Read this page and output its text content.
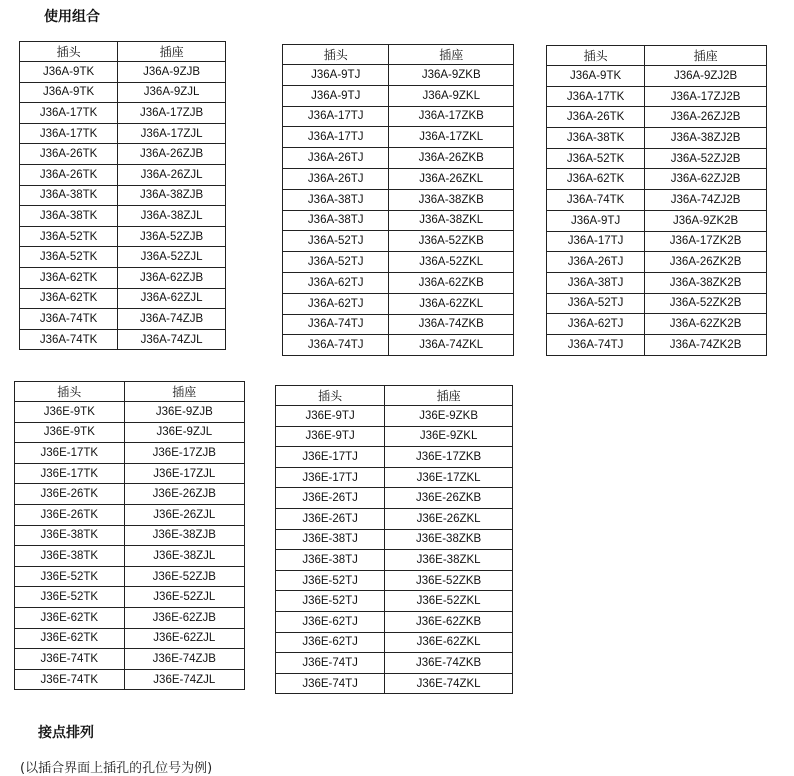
使用组合
插头	插座
J36A-9TK	J36A-9ZJB
J36A-9TK	J36A-9ZJL
J36A-17TK	J36A-17ZJB
J36A-17TK	J36A-17ZJL
J36A-26TK	J36A-26ZJB
J36A-26TK	J36A-26ZJL
J36A-38TK	J36A-38ZJB
J36A-38TK	J36A-38ZJL
J36A-52TK	J36A-52ZJB
J36A-52TK	J36A-52ZJL
J36A-62TK	J36A-62ZJB
J36A-62TK	J36A-62ZJL
J36A-74TK	J36A-74ZJB
J36A-74TK	J36A-74ZJL
插头	插座
J36A-9TJ	J36A-9ZKB
J36A-9TJ	J36A-9ZKL
J36A-17TJ	J36A-17ZKB
J36A-17TJ	J36A-17ZKL
J36A-26TJ	J36A-26ZKB
J36A-26TJ	J36A-26ZKL
J36A-38TJ	J36A-38ZKB
J36A-38TJ	J36A-38ZKL
J36A-52TJ	J36A-52ZKB
J36A-52TJ	J36A-52ZKL
J36A-62TJ	J36A-62ZKB
J36A-62TJ	J36A-62ZKL
J36A-74TJ	J36A-74ZKB
J36A-74TJ	J36A-74ZKL
插头	插座
J36A-9TK	J36A-9ZJ2B
J36A-17TK	J36A-17ZJ2B
J36A-26TK	J36A-26ZJ2B
J36A-38TK	J36A-38ZJ2B
J36A-52TK	J36A-52ZJ2B
J36A-62TK	J36A-62ZJ2B
J36A-74TK	J36A-74ZJ2B
J36A-9TJ	J36A-9ZK2B
J36A-17TJ	J36A-17ZK2B
J36A-26TJ	J36A-26ZK2B
J36A-38TJ	J36A-38ZK2B
J36A-52TJ	J36A-52ZK2B
J36A-62TJ	J36A-62ZK2B
J36A-74TJ	J36A-74ZK2B
插头	插座
J36E-9TK	J36E-9ZJB
J36E-9TK	J36E-9ZJL
J36E-17TK	J36E-17ZJB
J36E-17TK	J36E-17ZJL
J36E-26TK	J36E-26ZJB
J36E-26TK	J36E-26ZJL
J36E-38TK	J36E-38ZJB
J36E-38TK	J36E-38ZJL
J36E-52TK	J36E-52ZJB
J36E-52TK	J36E-52ZJL
J36E-62TK	J36E-62ZJB
J36E-62TK	J36E-62ZJL
J36E-74TK	J36E-74ZJB
J36E-74TK	J36E-74ZJL
插头	插座
J36E-9TJ	J36E-9ZKB
J36E-9TJ	J36E-9ZKL
J36E-17TJ	J36E-17ZKB
J36E-17TJ	J36E-17ZKL
J36E-26TJ	J36E-26ZKB
J36E-26TJ	J36E-26ZKL
J36E-38TJ	J36E-38ZKB
J36E-38TJ	J36E-38ZKL
J36E-52TJ	J36E-52ZKB
J36E-52TJ	J36E-52ZKL
J36E-62TJ	J36E-62ZKB
J36E-62TJ	J36E-62ZKL
J36E-74TJ	J36E-74ZKB
J36E-74TJ	J36E-74ZKL
接点排列
(以插合界面上插孔的孔位号为例)
